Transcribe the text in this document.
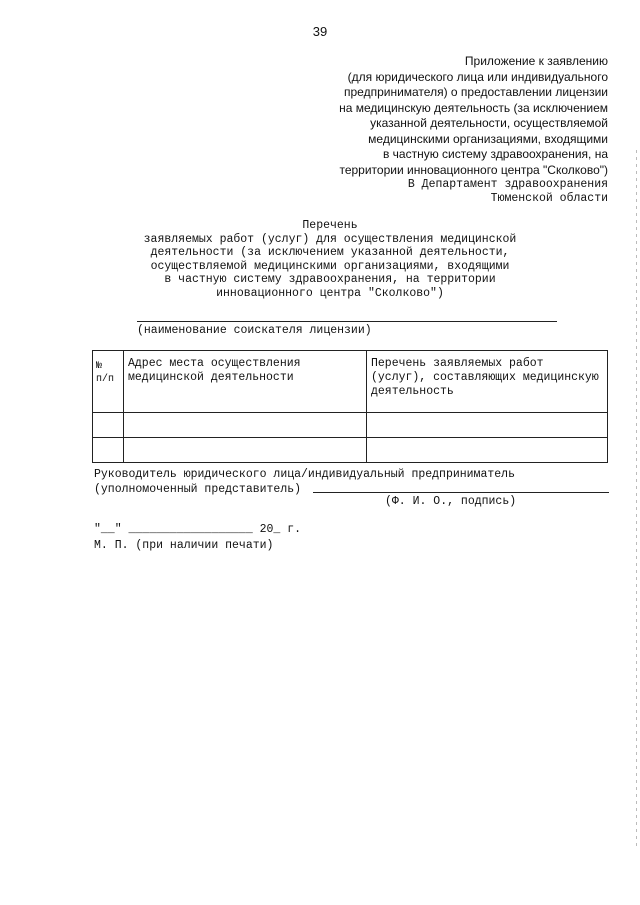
39
Приложение к заявлению
(для юридического лица или индивидуального
предпринимателя) о предоставлении лицензии
на медицинскую деятельность (за исключением
указанной деятельности, осуществляемой
медицинскими организациями, входящими
в частную систему здравоохранения, на
территории инновационного центра "Сколково")
В Департамент здравоохранения
Тюменской области
Перечень
заявляемых работ (услуг) для осуществления медицинской
деятельности (за исключением указанной деятельности,
осуществляемой медицинскими организациями, входящими
в частную систему здравоохранения, на территории
инновационного центра "Сколково")
(наименование соискателя лицензии)
№
п/п	Адрес места осуществления медицинской деятельности	Перечень заявляемых работ (услуг), составляющих медицинскую деятельность

Руководитель юридического лица/индивидуальный предприниматель
(уполномоченный представитель)
(Ф. И. О., подпись)
"__" __________________ 20_ г.
М. П. (при наличии печати)
